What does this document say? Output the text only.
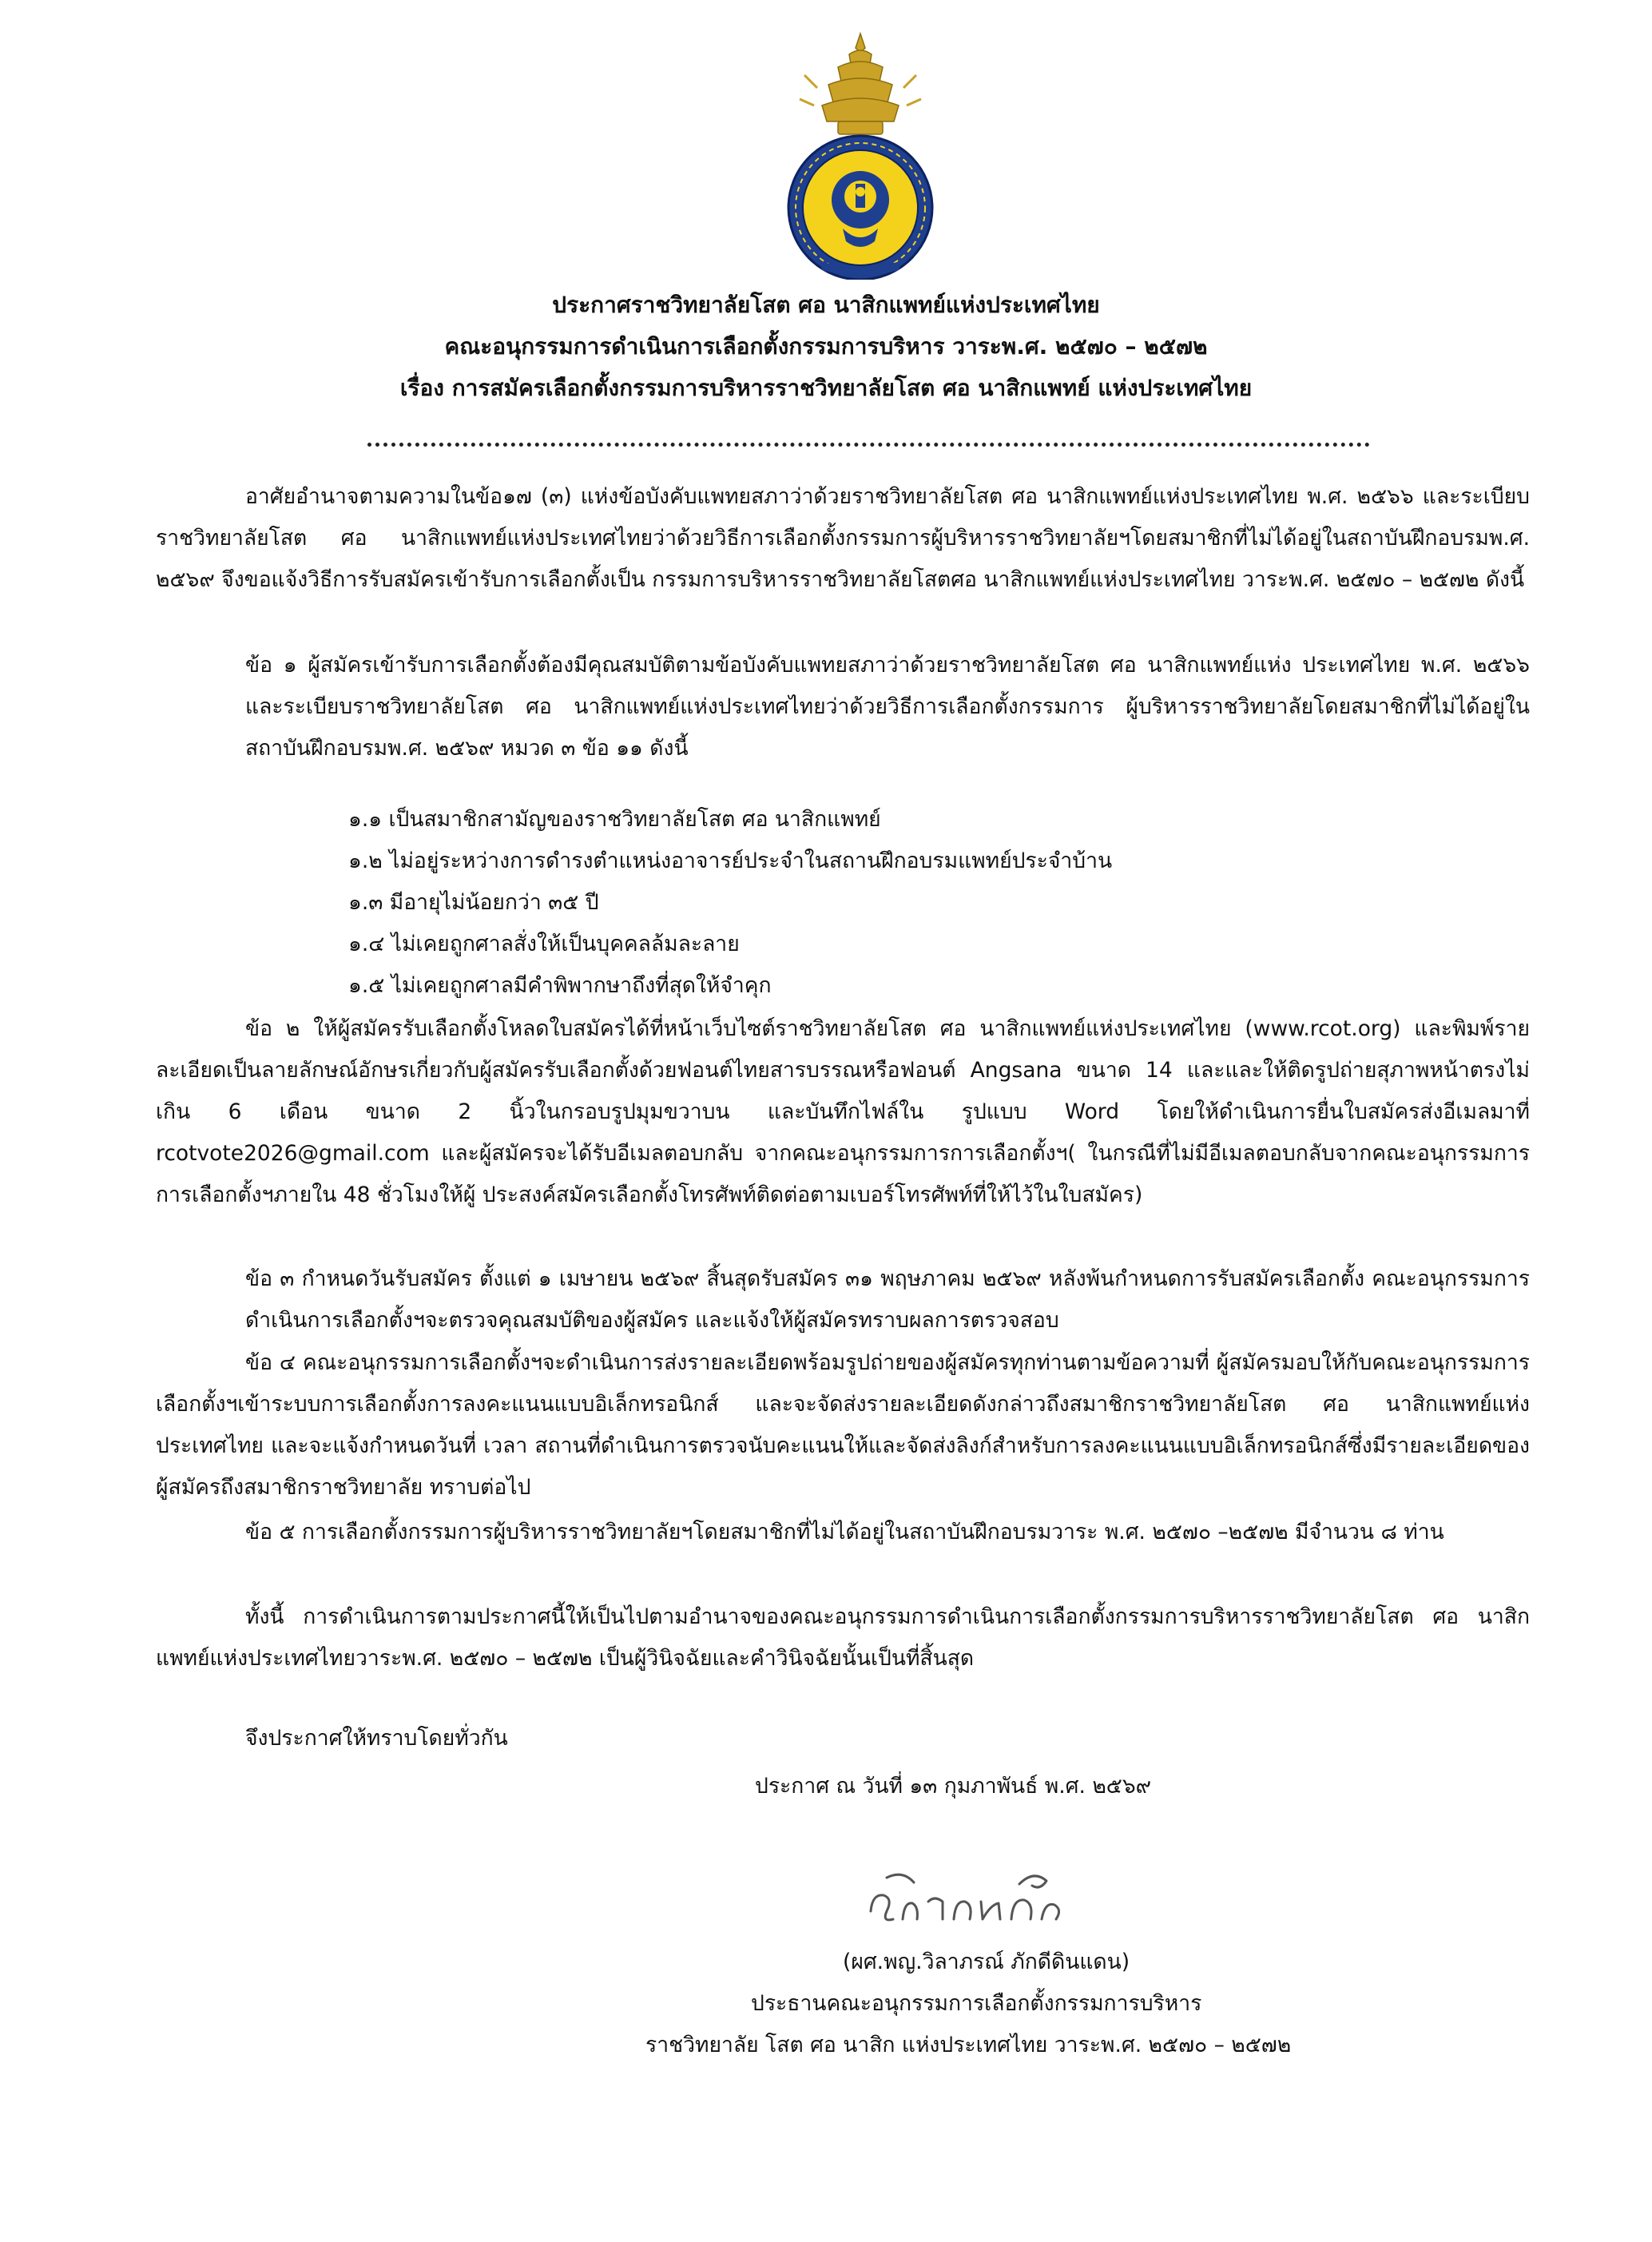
ประกาศราชวิทยาลัยโสต ศอ นาสิกแพทย์แห่งประเทศไทย
คณะอนุกรรมการดำเนินการเลือกตั้งกรรมการบริหาร วาระพ.ศ. ๒๕๗๐ – ๒๕๗๒
เรื่อง การสมัครเลือกตั้งกรรมการบริหารราชวิทยาลัยโสต ศอ นาสิกแพทย์ แห่งประเทศไทย
อาศัยอำนาจตามความในข้อ๑๗ (๓) แห่งข้อบังคับแพทยสภาว่าด้วยราชวิทยาลัยโสต ศอ นาสิกแพทย์แห่งประเทศไทย พ.ศ. ๒๕๖๖ และระเบียบราชวิทยาลัยโสต ศอ นาสิกแพทย์แห่งประเทศไทยว่าด้วยวิธีการเลือกตั้งกรรมการผู้บริหารราชวิทยาลัยฯโดยสมาชิกที่ไม่ได้อยู่ในสถาบันฝึกอบรมพ.ศ. ๒๕๖๙ จึงขอแจ้งวิธีการรับสมัครเข้ารับการเลือกตั้งเป็น กรรมการบริหารราชวิทยาลัยโสตศอ นาสิกแพทย์แห่งประเทศไทย วาระพ.ศ. ๒๕๗๐ – ๒๕๗๒ ดังนี้
ข้อ ๑ ผู้สมัครเข้ารับการเลือกตั้งต้องมีคุณสมบัติตามข้อบังคับแพทยสภาว่าด้วยราชวิทยาลัยโสต ศอ นาสิกแพทย์แห่ง ประเทศไทย พ.ศ. ๒๕๖๖ และระเบียบราชวิทยาลัยโสต ศอ นาสิกแพทย์แห่งประเทศไทยว่าด้วยวิธีการเลือกตั้งกรรมการ ผู้บริหารราชวิทยาลัยโดยสมาชิกที่ไม่ได้อยู่ในสถาบันฝึกอบรมพ.ศ. ๒๕๖๙ หมวด ๓ ข้อ ๑๑ ดังนี้
๑.๑ เป็นสมาชิกสามัญของราชวิทยาลัยโสต ศอ นาสิกแพทย์
๑.๒ ไม่อยู่ระหว่างการดำรงตำแหน่งอาจารย์ประจำในสถานฝึกอบรมแพทย์ประจำบ้าน
๑.๓ มีอายุไม่น้อยกว่า ๓๕ ปี
๑.๔ ไม่เคยถูกศาลสั่งให้เป็นบุคคลล้มละลาย
๑.๕ ไม่เคยถูกศาลมีคำพิพากษาถึงที่สุดให้จำคุก
ข้อ ๒ ให้ผู้สมัครรับเลือกตั้งโหลดใบสมัครได้ที่หน้าเว็บไซต์ราชวิทยาลัยโสต ศอ นาสิกแพทย์แห่งประเทศไทย (www.rcot.org) และพิมพ์รายละเอียดเป็นลายลักษณ์อักษรเกี่ยวกับผู้สมัครรับเลือกตั้งด้วยฟอนต์ไทยสารบรรณหรือฟอนต์ Angsana ขนาด 14 และและให้ติดรูปถ่ายสุภาพหน้าตรงไม่เกิน 6 เดือน ขนาด 2 นิ้วในกรอบรูปมุมขวาบน และบันทึกไฟล์ใน รูปแบบ Word โดยให้ดำเนินการยื่นใบสมัครส่งอีเมลมาที่ rcotvote2026@gmail.com และผู้สมัครจะได้รับอีเมลตอบกลับ จากคณะอนุกรรมการการเลือกตั้งฯ( ในกรณีที่ไม่มีอีเมลตอบกลับจากคณะอนุกรรมการการเลือกตั้งฯภายใน 48 ชั่วโมงให้ผู้ ประสงค์สมัครเลือกตั้งโทรศัพท์ติดต่อตามเบอร์โทรศัพท์ที่ให้ไว้ในใบสมัคร)
ข้อ ๓ กำหนดวันรับสมัคร ตั้งแต่ ๑ เมษายน ๒๕๖๙ สิ้นสุดรับสมัคร ๓๑ พฤษภาคม ๒๕๖๙ หลังพ้นกำหนดการรับสมัครเลือกตั้ง คณะอนุกรรมการดำเนินการเลือกตั้งฯจะตรวจคุณสมบัติของผู้สมัคร และแจ้งให้ผู้สมัครทราบผลการตรวจสอบ
ข้อ ๔ คณะอนุกรรมการเลือกตั้งฯจะดำเนินการส่งรายละเอียดพร้อมรูปถ่ายของผู้สมัครทุกท่านตามข้อความที่ ผู้สมัครมอบให้กับคณะอนุกรรมการเลือกตั้งฯเข้าระบบการเลือกตั้งการลงคะแนนแบบอิเล็กทรอนิกส์ และจะจัดส่งรายละเอียดดังกล่าวถึงสมาชิกราชวิทยาลัยโสต ศอ นาสิกแพทย์แห่งประเทศไทย และจะแจ้งกำหนดวันที่ เวลา สถานที่ดำเนินการตรวจนับคะแนนให้และจัดส่งลิงก์สำหรับการลงคะแนนแบบอิเล็กทรอนิกส์ซึ่งมีรายละเอียดของผู้สมัครถึงสมาชิกราชวิทยาลัย ทราบต่อไป
ข้อ ๕ การเลือกตั้งกรรมการผู้บริหารราชวิทยาลัยฯโดยสมาชิกที่ไม่ได้อยู่ในสถาบันฝึกอบรมวาระ พ.ศ. ๒๕๗๐ –๒๕๗๒ มีจำนวน ๘ ท่าน
ทั้งนี้ การดำเนินการตามประกาศนี้ให้เป็นไปตามอำนาจของคณะอนุกรรมการดำเนินการเลือกตั้งกรรมการบริหารราชวิทยาลัยโสต ศอ นาสิกแพทย์แห่งประเทศไทยวาระพ.ศ. ๒๕๗๐ – ๒๕๗๒ เป็นผู้วินิจฉัยและคำวินิจฉัยนั้นเป็นที่สิ้นสุด
จึงประกาศให้ทราบโดยทั่วกัน
ประกาศ ณ วันที่ ๑๓ กุมภาพันธ์ พ.ศ. ๒๕๖๙
(ผศ.พญ.วิลาภรณ์ ภักดีดินแดน)
ประธานคณะอนุกรรมการเลือกตั้งกรรมการบริหาร
ราชวิทยาลัย โสต ศอ นาสิก แห่งประเทศไทย วาระพ.ศ. ๒๕๗๐ – ๒๕๗๒
